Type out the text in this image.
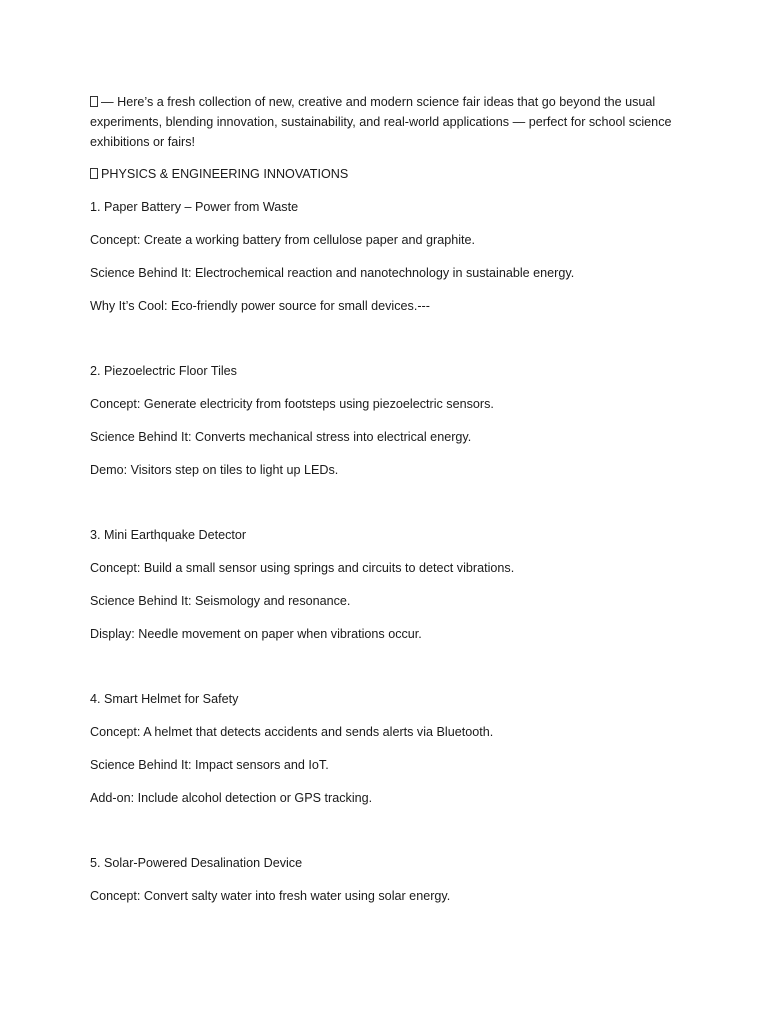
— Here’s a fresh collection of new, creative and modern science fair ideas that go beyond the usual experiments, blending innovation, sustainability, and real-world applications — perfect for school science exhibitions or fairs!

PHYSICS & ENGINEERING INNOVATIONS

1. Paper Battery – Power from Waste

Concept: Create a working battery from cellulose paper and graphite.

Science Behind It: Electrochemical reaction and nanotechnology in sustainable energy.

Why It’s Cool: Eco-friendly power source for small devices.---

2. Piezoelectric Floor Tiles

Concept: Generate electricity from footsteps using piezoelectric sensors.

Science Behind It: Converts mechanical stress into electrical energy.

Demo: Visitors step on tiles to light up LEDs.

3. Mini Earthquake Detector

Concept: Build a small sensor using springs and circuits to detect vibrations.

Science Behind It: Seismology and resonance.

Display: Needle movement on paper when vibrations occur.

4. Smart Helmet for Safety

Concept: A helmet that detects accidents and sends alerts via Bluetooth.

Science Behind It: Impact sensors and IoT.

Add-on: Include alcohol detection or GPS tracking.

5. Solar-Powered Desalination Device

Concept: Convert salty water into fresh water using solar energy.
